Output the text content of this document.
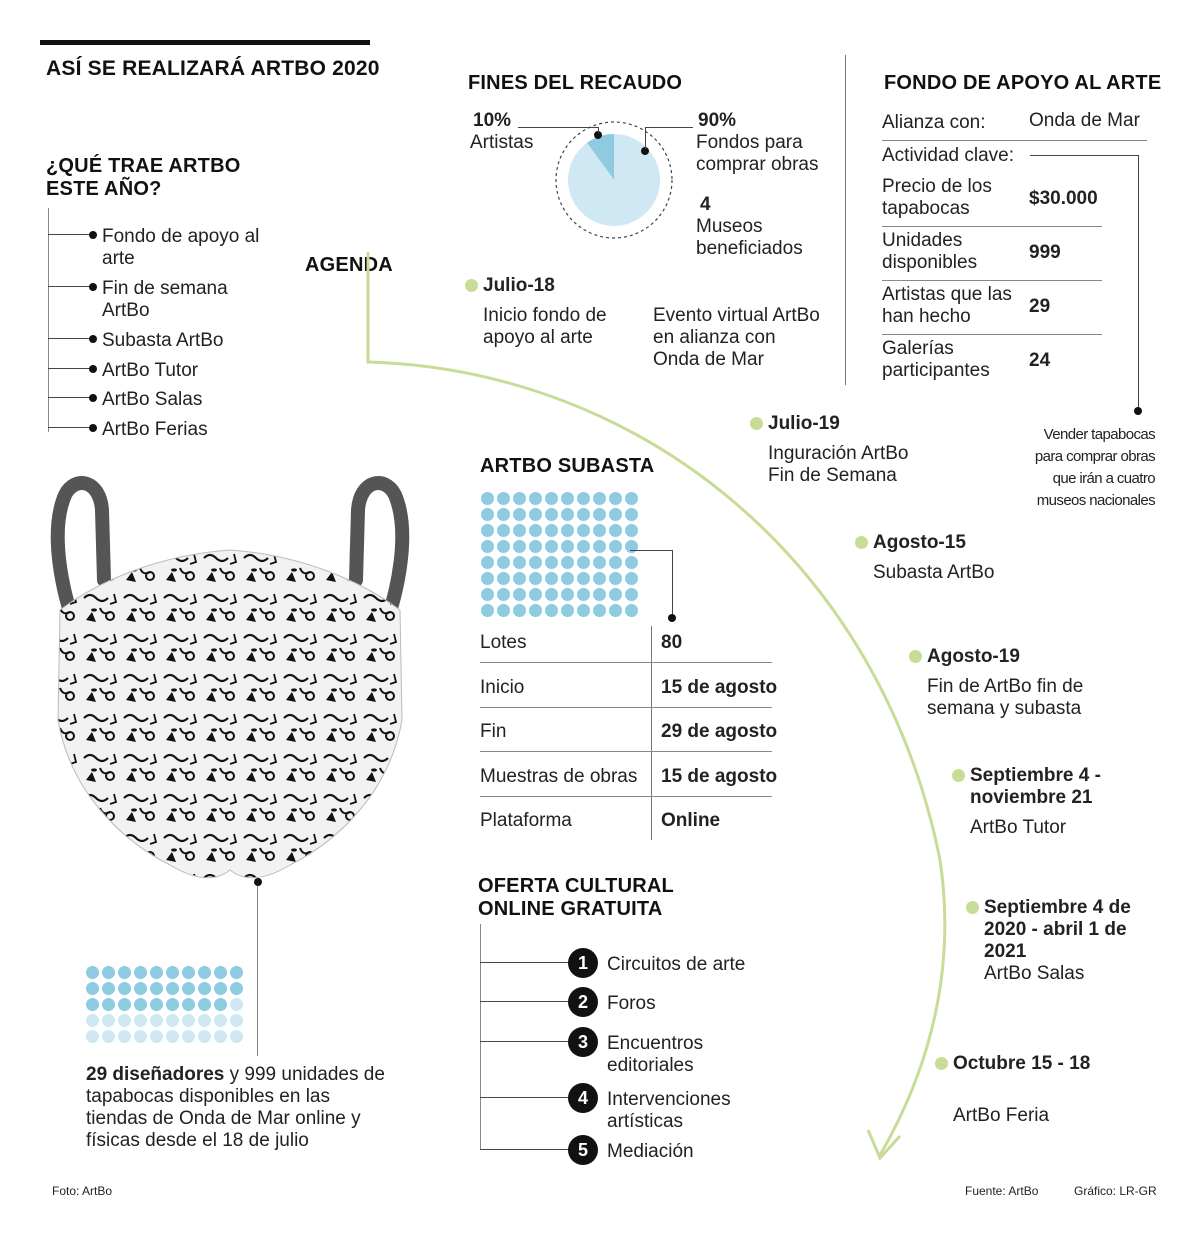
ASÍ SE REALIZARÁ ARTBO 2020
¿QUÉ TRAE ARTBO ESTE AÑO?
Fondo de apoyo al arte
Fin de semana ArtBo
Subasta ArtBo
ArtBo Tutor
ArtBo Salas
ArtBo Ferias
29 diseñadores y 999 unidades de tapabocas disponibles en las tiendas de Onda de Mar online y físicas desde el 18 de julio
FINES DEL RECAUDO
10%
Artistas
90%
Fondos para comprar obras
4
Museos beneficiados
FONDO DE APOYO AL ARTE
Alianza con: Onda de Mar
Actividad clave:
Precio de los tapabocas	$30.000
Unidades disponibles	999
Artistas que las han hecho	29
Galerías participantes	24
Vender tapabocas para comprar obras que irán a cuatro museos nacionales
AGENDA
Julio-18
Inicio fondo de apoyo al arte
Evento virtual ArtBo en alianza con Onda de Mar
Julio-19
Inguración ArtBo Fin de Semana
Agosto-15
Subasta ArtBo
Agosto-19
Fin de ArtBo fin de semana y subasta
Septiembre 4 - noviembre 21
ArtBo Tutor
Septiembre 4 de 2020 - abril 1 de 2021
ArtBo Salas
Octubre 15 - 18
ArtBo Feria
ARTBO SUBASTA
Lotes	80
Inicio	15 de agosto
Fin	29 de agosto
Muestras de obras 15 de agosto
Plataforma	Online
OFERTA CULTURAL ONLINE GRATUITA
1	Circuitos de arte
2	Foros
3	Encuentros editoriales
4	Intervenciones artísticas
5	Mediación
Foto: ArtBo	Fuente: ArtBo	Gráfico: LR-GR
